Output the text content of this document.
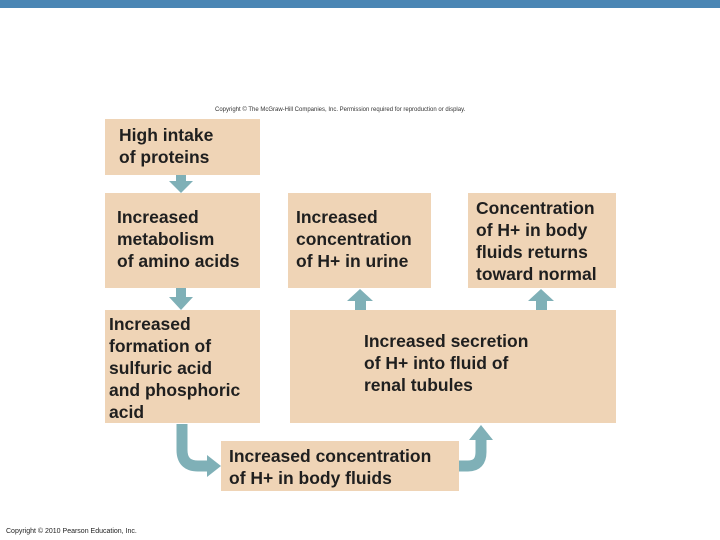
Copyright © The McGraw-Hill Companies, Inc. Permission required for reproduction or display.
High intake
of proteins
Increased
metabolism
of amino acids
Increased
formation of
sulfuric acid
and phosphoric
acid
Increased
concentration
of H+ in urine
Concentration
of H+ in body
fluids returns
toward normal
Increased secretion
of H+ into fluid of
renal tubules
Increased concentration
of H+ in body fluids
Copyright © 2010 Pearson Education, Inc.
